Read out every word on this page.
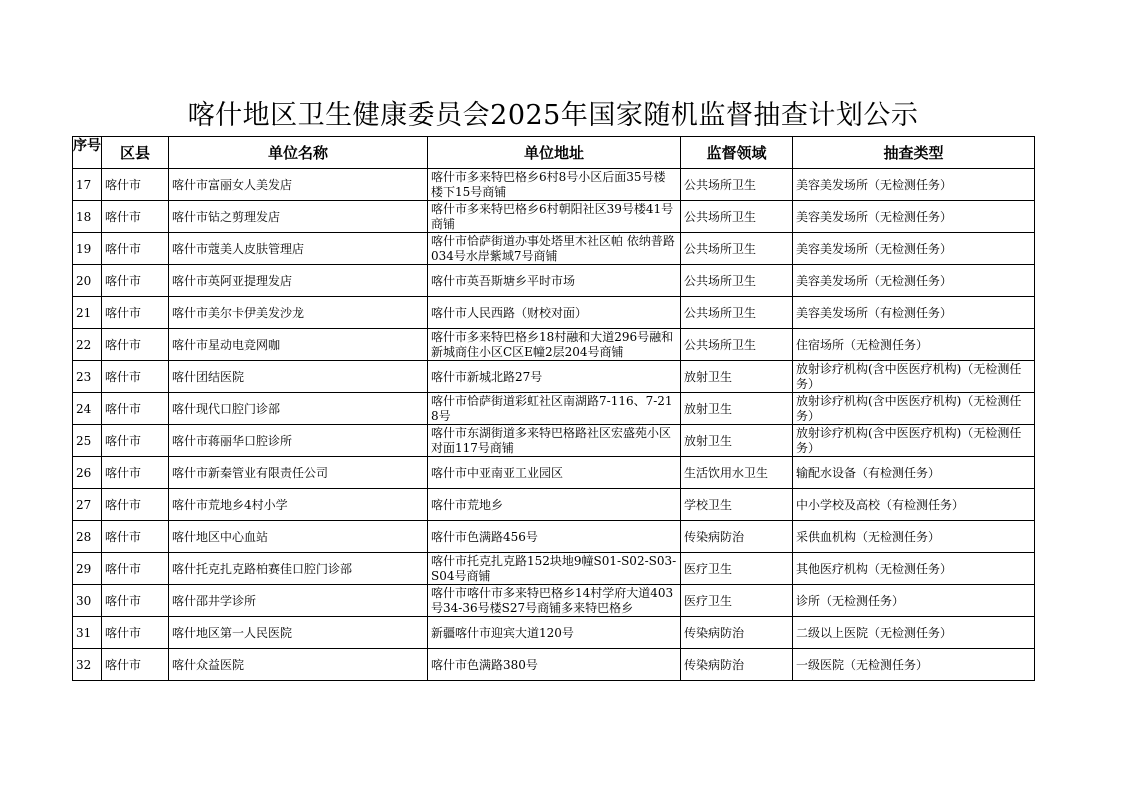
喀什地区卫生健康委员会2025年国家随机监督抽查计划公示
序号	区县	单位名称	单位地址	监督领域	抽查类型
17	喀什市	喀什市富丽女人美发店	喀什市多来特巴格乡6村8号小区后面35号楼楼下15号商铺	公共场所卫生	美容美发场所（无检测任务）

18	喀什市	喀什市钻之剪理发店	喀什市多来特巴格乡6村朝阳社区39号楼41号商铺	公共场所卫生	美容美发场所（无检测任务）

19	喀什市	喀什市蔻美人皮肤管理店	喀什市恰萨街道办事处塔里木社区帕 依纳普路034号水岸紫域7号商铺	公共场所卫生	美容美发场所（无检测任务）

20	喀什市	喀什市英阿亚提理发店	喀什市英吾斯塘乡平时市场	公共场所卫生	美容美发场所（无检测任务）

21	喀什市	喀什市美尔卡伊美发沙龙	喀什市人民西路（财校对面）	公共场所卫生	美容美发场所（有检测任务）

22	喀什市	喀什市星动电竞网咖	喀什市多来特巴格乡18村融和大道296号融和新城商住小区C区E幢2层204号商铺	公共场所卫生	住宿场所（无检测任务）

23	喀什市	喀什团结医院	喀什市新城北路27号	放射卫生	放射诊疗机构(含中医医疗机构)（无检测任务）

24	喀什市	喀什现代口腔门诊部	喀什市恰萨街道彩虹社区南湖路7-116、7-218号	放射卫生	放射诊疗机构(含中医医疗机构)（无检测任务）

25	喀什市	喀什市蒋丽华口腔诊所	喀什市东湖街道多来特巴格路社区宏盛苑小区对面117号商铺	放射卫生	放射诊疗机构(含中医医疗机构)（无检测任务）

26	喀什市	喀什市新秦管业有限责任公司	喀什市中亚南亚工业园区	生活饮用水卫生	输配水设备（有检测任务）

27	喀什市	喀什市荒地乡4村小学	喀什市荒地乡	学校卫生	中小学校及高校（有检测任务）

28	喀什市	喀什地区中心血站	喀什市色满路456号	传染病防治	采供血机构（无检测任务）

29	喀什市	喀什托克扎克路柏赛佳口腔门诊部	喀什市托克扎克路152块地9幢S01-S02-S03-S04号商铺	医疗卫生	其他医疗机构（无检测任务）

30	喀什市	喀什邵井学诊所	喀什市喀什市多来特巴格乡14村学府大道403号34-36号楼S27号商铺多来特巴格乡	医疗卫生	诊所（无检测任务）

31	喀什市	喀什地区第一人民医院	新疆喀什市迎宾大道120号	传染病防治	二级以上医院（无检测任务）

32	喀什市	喀什众益医院	喀什市色满路380号	传染病防治	一级医院（无检测任务）
